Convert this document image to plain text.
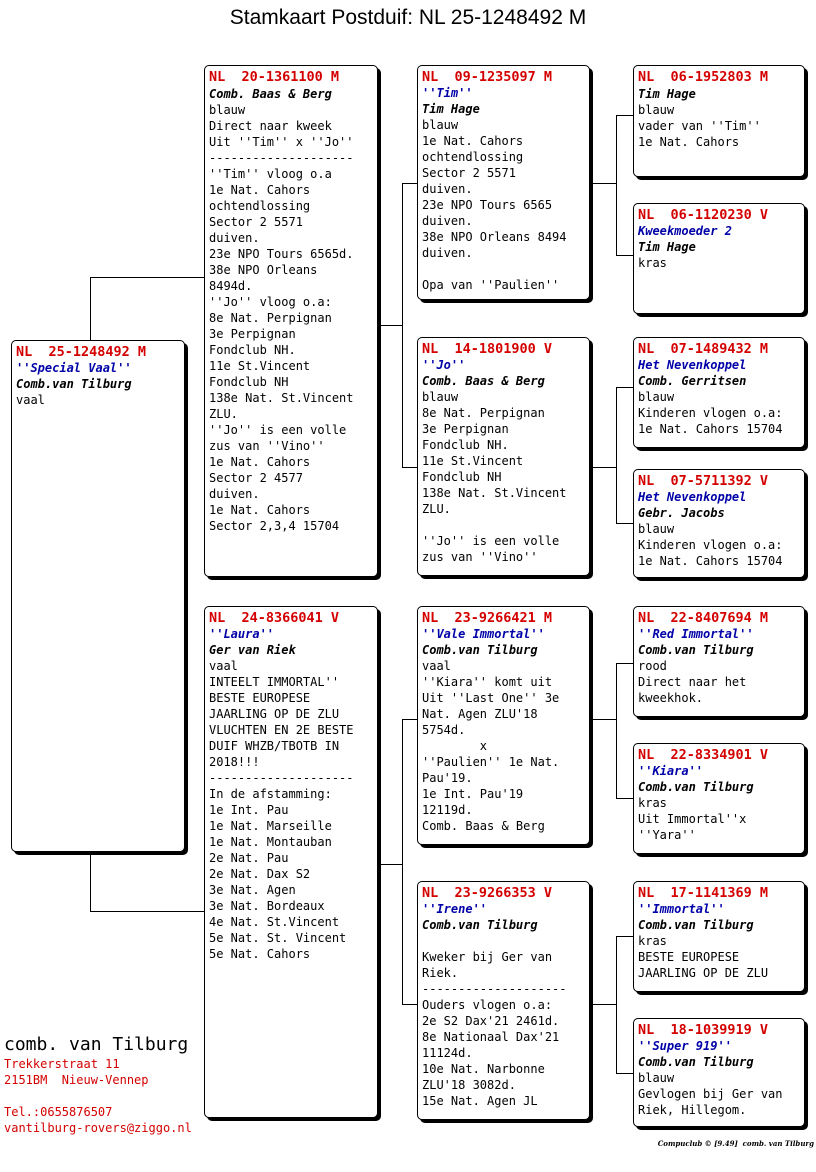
Stamkaart Postduif: NL 25-1248492 M
NL  25-1248492 M
''Special Vaal''
Comb.van Tilburg
vaal
NL  20-1361100 M
Comb. Baas & Berg
blauw
Direct naar kweek
Uit ''Tim'' x ''Jo''
--------------------
''Tim'' vloog o.a
1e Nat. Cahors
ochtendlossing
Sector 2 5571
duiven.
23e NPO Tours 6565d.
38e NPO Orleans
8494d.
''Jo'' vloog o.a:
8e Nat. Perpignan
3e Perpignan
Fondclub NH.
11e St.Vincent
Fondclub NH
138e Nat. St.Vincent
ZLU.
''Jo'' is een volle
zus van ''Vino''
1e Nat. Cahors
Sector 2 4577
duiven.
1e Nat. Cahors
Sector 2,3,4 15704
NL  24-8366041 V
''Laura''
Ger van Riek
vaal
INTEELT IMMORTAL''
BESTE EUROPESE
JAARLING OP DE ZLU
VLUCHTEN EN 2E BESTE
DUIF WHZB/TBOTB IN
2018!!!
--------------------
In de afstamming:
1e Int. Pau
1e Nat. Marseille
1e Nat. Montauban
2e Nat. Pau
2e Nat. Dax S2
3e Nat. Agen
3e Nat. Bordeaux
4e Nat. St.Vincent
5e Nat. St. Vincent
5e Nat. Cahors
NL  09-1235097 M
''Tim''
Tim Hage
blauw
1e Nat. Cahors
ochtendlossing
Sector 2 5571
duiven.
23e NPO Tours 6565
duiven.
38e NPO Orleans 8494
duiven.

Opa van ''Paulien''
NL  14-1801900 V
''Jo''
Comb. Baas & Berg
blauw
8e Nat. Perpignan
3e Perpignan
Fondclub NH.
11e St.Vincent
Fondclub NH
138e Nat. St.Vincent
ZLU.

''Jo'' is een volle
zus van ''Vino''
NL  23-9266421 M
''Vale Immortal''
Comb.van Tilburg
vaal
''Kiara'' komt uit
Uit ''Last One'' 3e
Nat. Agen ZLU'18
5754d.
x
''Paulien'' 1e Nat.
Pau'19.
1e Int. Pau'19
12119d.
Comb. Baas & Berg
NL  23-9266353 V
''Irene''
Comb.van Tilburg

Kweker bij Ger van
Riek.
--------------------
Ouders vlogen o.a:
2e S2 Dax'21 2461d.
8e Nationaal Dax'21
11124d.
10e Nat. Narbonne
ZLU'18 3082d.
15e Nat. Agen JL
NL  06-1952803 M
Tim Hage
blauw
vader van ''Tim''
1e Nat. Cahors
NL  06-1120230 V
Kweekmoeder 2
Tim Hage
kras
NL  07-1489432 M
Het Nevenkoppel
Comb. Gerritsen
blauw
Kinderen vlogen o.a:
1e Nat. Cahors 15704
NL  07-5711392 V
Het Nevenkoppel
Gebr. Jacobs
blauw
Kinderen vlogen o.a:
1e Nat. Cahors 15704
NL  22-8407694 M
''Red Immortal''
Comb.van Tilburg
rood
Direct naar het
kweekhok.
NL  22-8334901 V
''Kiara''
Comb.van Tilburg
kras
Uit Immortal''x
''Yara''
NL  17-1141369 M
''Immortal''
Comb.van Tilburg
kras
BESTE EUROPESE
JAARLING OP DE ZLU
NL  18-1039919 V
''Super 919''
Comb.van Tilburg
blauw
Gevlogen bij Ger van
Riek, Hillegom.
comb. van Tilburg
Trekkerstraat 11
2151BM  Nieuw-Vennep

Tel.:0655876507
vantilburg-rovers@ziggo.nl
Compuclub © [9.49]  comb. van Tilburg
